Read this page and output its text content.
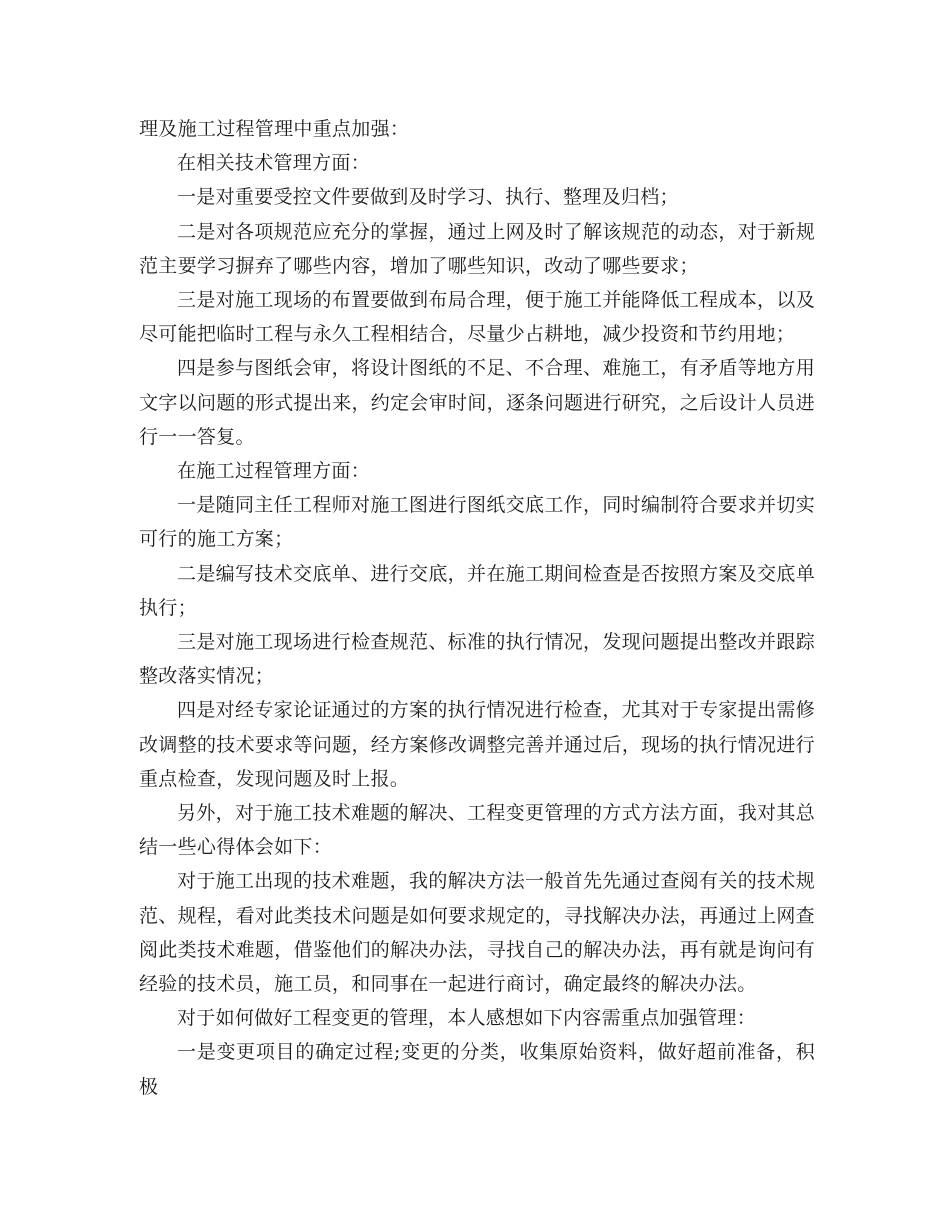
理及施工过程管理中重点加强：

在相关技术管理方面：

一是对重要受控文件要做到及时学习、执行、整理及归档；

二是对各项规范应充分的掌握，通过上网及时了解该规范的动态，对于新规范主要学习摒弃了哪些内容，增加了哪些知识，改动了哪些要求；

三是对施工现场的布置要做到布局合理，便于施工并能降低工程成本，以及尽可能把临时工程与永久工程相结合，尽量少占耕地，减少投资和节约用地；

四是参与图纸会审，将设计图纸的不足、不合理、难施工，有矛盾等地方用文字以问题的形式提出来，约定会审时间，逐条问题进行研究，之后设计人员进行一一答复。

在施工过程管理方面：

一是随同主任工程师对施工图进行图纸交底工作，同时编制符合要求并切实可行的施工方案；

二是编写技术交底单、进行交底，并在施工期间检查是否按照方案及交底单执行；

三是对施工现场进行检查规范、标准的执行情况，发现问题提出整改并跟踪整改落实情况；

四是对经专家论证通过的方案的执行情况进行检查，尤其对于专家提出需修改调整的技术要求等问题，经方案修改调整完善并通过后，现场的执行情况进行重点检查，发现问题及时上报。

另外，对于施工技术难题的解决、工程变更管理的方式方法方面，我对其总结一些心得体会如下：

对于施工出现的技术难题，我的解决方法一般首先先通过查阅有关的技术规范、规程，看对此类技术问题是如何要求规定的，寻找解决办法，再通过上网查阅此类技术难题，借鉴他们的解决办法，寻找自己的解决办法，再有就是询问有经验的技术员，施工员，和同事在一起进行商讨，确定最终的解决办法。

对于如何做好工程变更的管理，本人感想如下内容需重点加强管理：

一是变更项目的确定过程;变更的分类，收集原始资料，做好超前准备，积极
